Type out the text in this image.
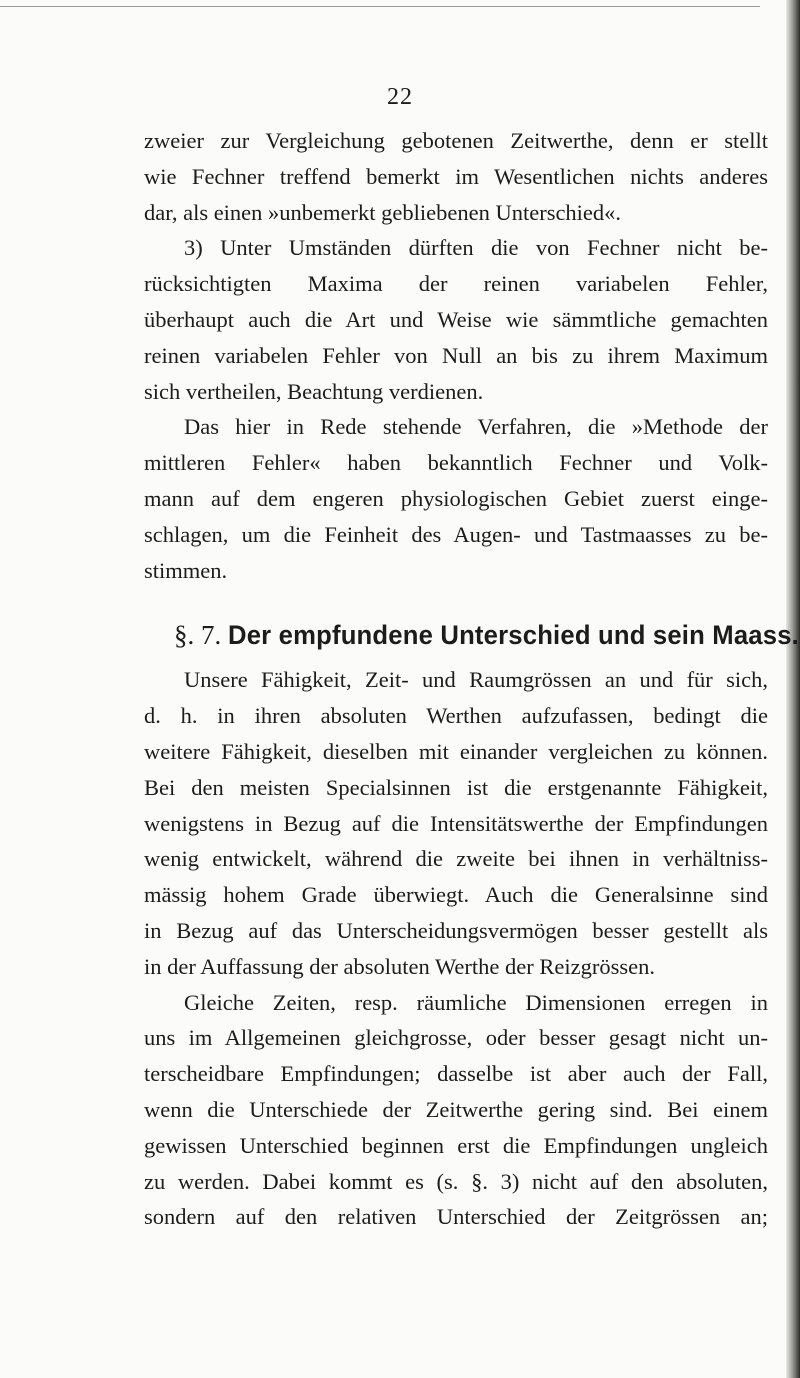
22
zweier zur Vergleichung gebotenen Zeitwerthe, denn er stellt
wie Fechner treffend bemerkt im Wesentlichen nichts anderes
dar, als einen »unbemerkt gebliebenen Unterschied«.
3) Unter Umständen dürften die von Fechner nicht be-
rücksichtigten Maxima der reinen variabelen Fehler,
überhaupt auch die Art und Weise wie sämmtliche gemachten
reinen variabelen Fehler von Null an bis zu ihrem Maximum
sich vertheilen, Beachtung verdienen.
Das hier in Rede stehende Verfahren, die »Methode der
mittleren Fehler« haben bekanntlich Fechner und Volk-
mann auf dem engeren physiologischen Gebiet zuerst einge-
schlagen, um die Feinheit des Augen- und Tastmaasses zu be-
stimmen.
§. 7. Der empfundene Unterschied und sein Maass.
Unsere Fähigkeit, Zeit- und Raumgrössen an und für sich,
d. h. in ihren absoluten Werthen aufzufassen, bedingt die
weitere Fähigkeit, dieselben mit einander vergleichen zu können.
Bei den meisten Specialsinnen ist die erstgenannte Fähigkeit,
wenigstens in Bezug auf die Intensitätswerthe der Empfindungen
wenig entwickelt, während die zweite bei ihnen in verhältniss-
mässig hohem Grade überwiegt. Auch die Generalsinne sind
in Bezug auf das Unterscheidungsvermögen besser gestellt als
in der Auffassung der absoluten Werthe der Reizgrössen.
Gleiche Zeiten, resp. räumliche Dimensionen erregen in
uns im Allgemeinen gleichgrosse, oder besser gesagt nicht un-
terscheidbare Empfindungen; dasselbe ist aber auch der Fall,
wenn die Unterschiede der Zeitwerthe gering sind. Bei einem
gewissen Unterschied beginnen erst die Empfindungen ungleich
zu werden. Dabei kommt es (s. §. 3) nicht auf den absoluten,
sondern auf den relativen Unterschied der Zeitgrössen an;
